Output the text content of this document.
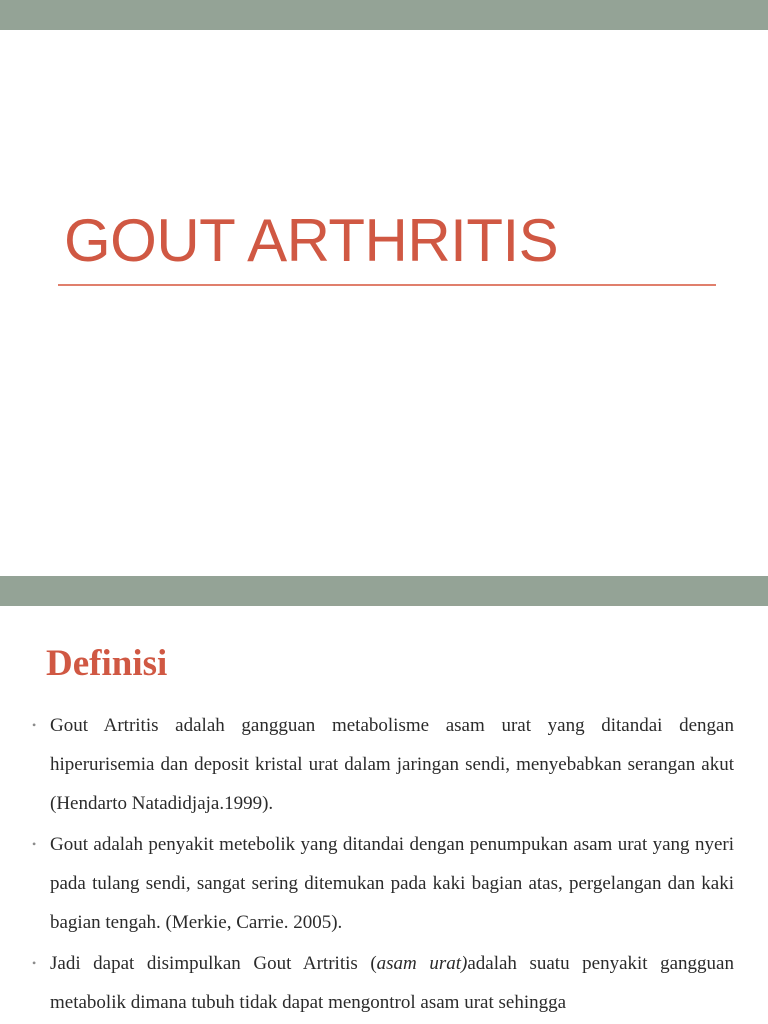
GOUT ARTHRITIS
Definisi
• Gout Artritis adalah gangguan metabolisme asam urat yang ditandai dengan hiperurisemia dan deposit kristal urat dalam jaringan sendi, menyebabkan serangan akut (Hendarto Natadidjaja.1999).
• Gout adalah penyakit metebolik yang ditandai dengan penumpukan asam urat yang nyeri pada tulang sendi, sangat sering ditemukan pada kaki bagian atas, pergelangan dan kaki bagian tengah. (Merkie, Carrie. 2005).
• Jadi dapat disimpulkan Gout Artritis (asam urat)adalah suatu penyakit gangguan metabolik dimana tubuh tidak dapat mengontrol asam urat sehingga
